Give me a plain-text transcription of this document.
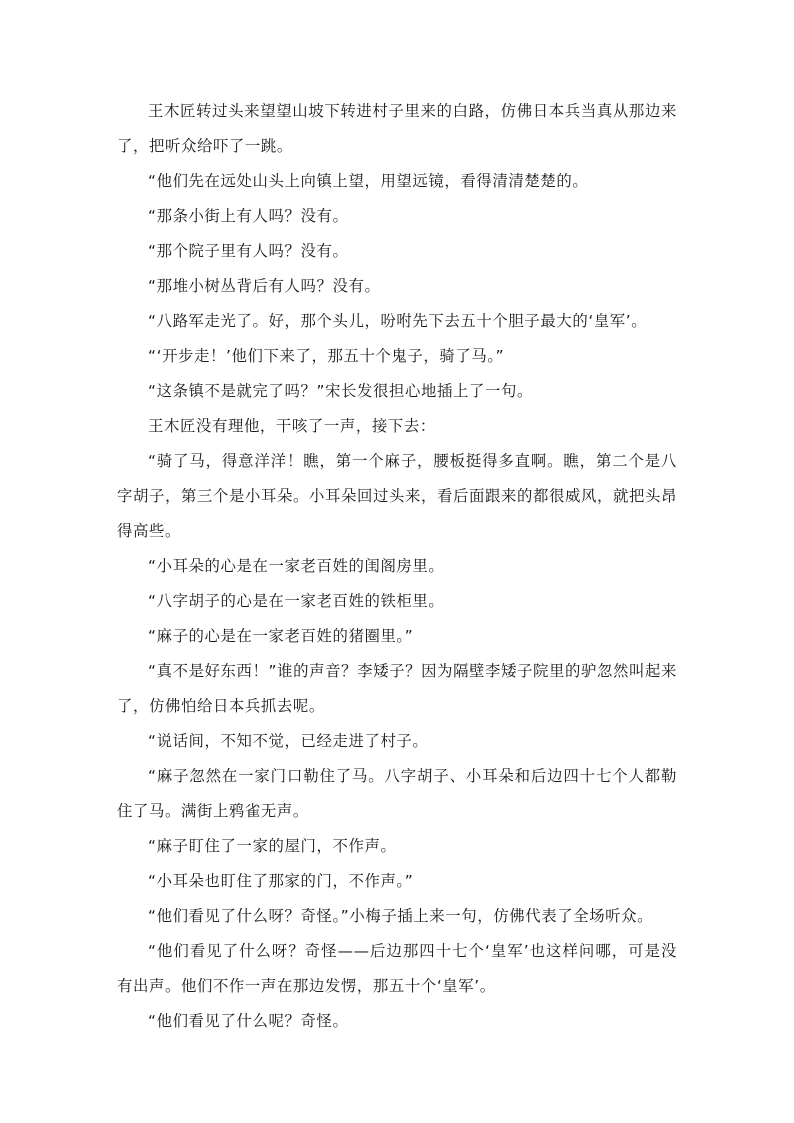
王木匠转过头来望望山坡下转进村子里来的白路，仿佛日本兵当真从那边来了，把听众给吓了一跳。

“他们先在远处山头上向镇上望，用望远镜，看得清清楚楚的。

“那条小街上有人吗？没有。

“那个院子里有人吗？没有。

“那堆小树丛背后有人吗？没有。

“八路军走光了。好，那个头儿，吩咐先下去五十个胆子最大的‘皇军’。

“‘开步走！’他们下来了，那五十个鬼子，骑了马。”

“这条镇不是就完了吗？”宋长发很担心地插上了一句。

王木匠没有理他，干咳了一声，接下去：

“骑了马，得意洋洋！瞧，第一个麻子，腰板挺得多直啊。瞧，第二个是八字胡子，第三个是小耳朵。小耳朵回过头来，看后面跟来的都很威风，就把头昂得高些。

“小耳朵的心是在一家老百姓的闺阁房里。

“八字胡子的心是在一家老百姓的铁柜里。

“麻子的心是在一家老百姓的猪圈里。”

“真不是好东西！”谁的声音？李矮子？因为隔壁李矮子院里的驴忽然叫起来了，仿佛怕给日本兵抓去呢。

“说话间，不知不觉，已经走进了村子。

“麻子忽然在一家门口勒住了马。八字胡子、小耳朵和后边四十七个人都勒住了马。满街上鸦雀无声。

“麻子盯住了一家的屋门，不作声。

“小耳朵也盯住了那家的门，不作声。”

“他们看见了什么呀？奇怪。”小梅子插上来一句，仿佛代表了全场听众。

“他们看见了什么呀？奇怪——后边那四十七个‘皇军’也这样问哪，可是没有出声。他们不作一声在那边发愣，那五十个‘皇军’。

“他们看见了什么呢？奇怪。
